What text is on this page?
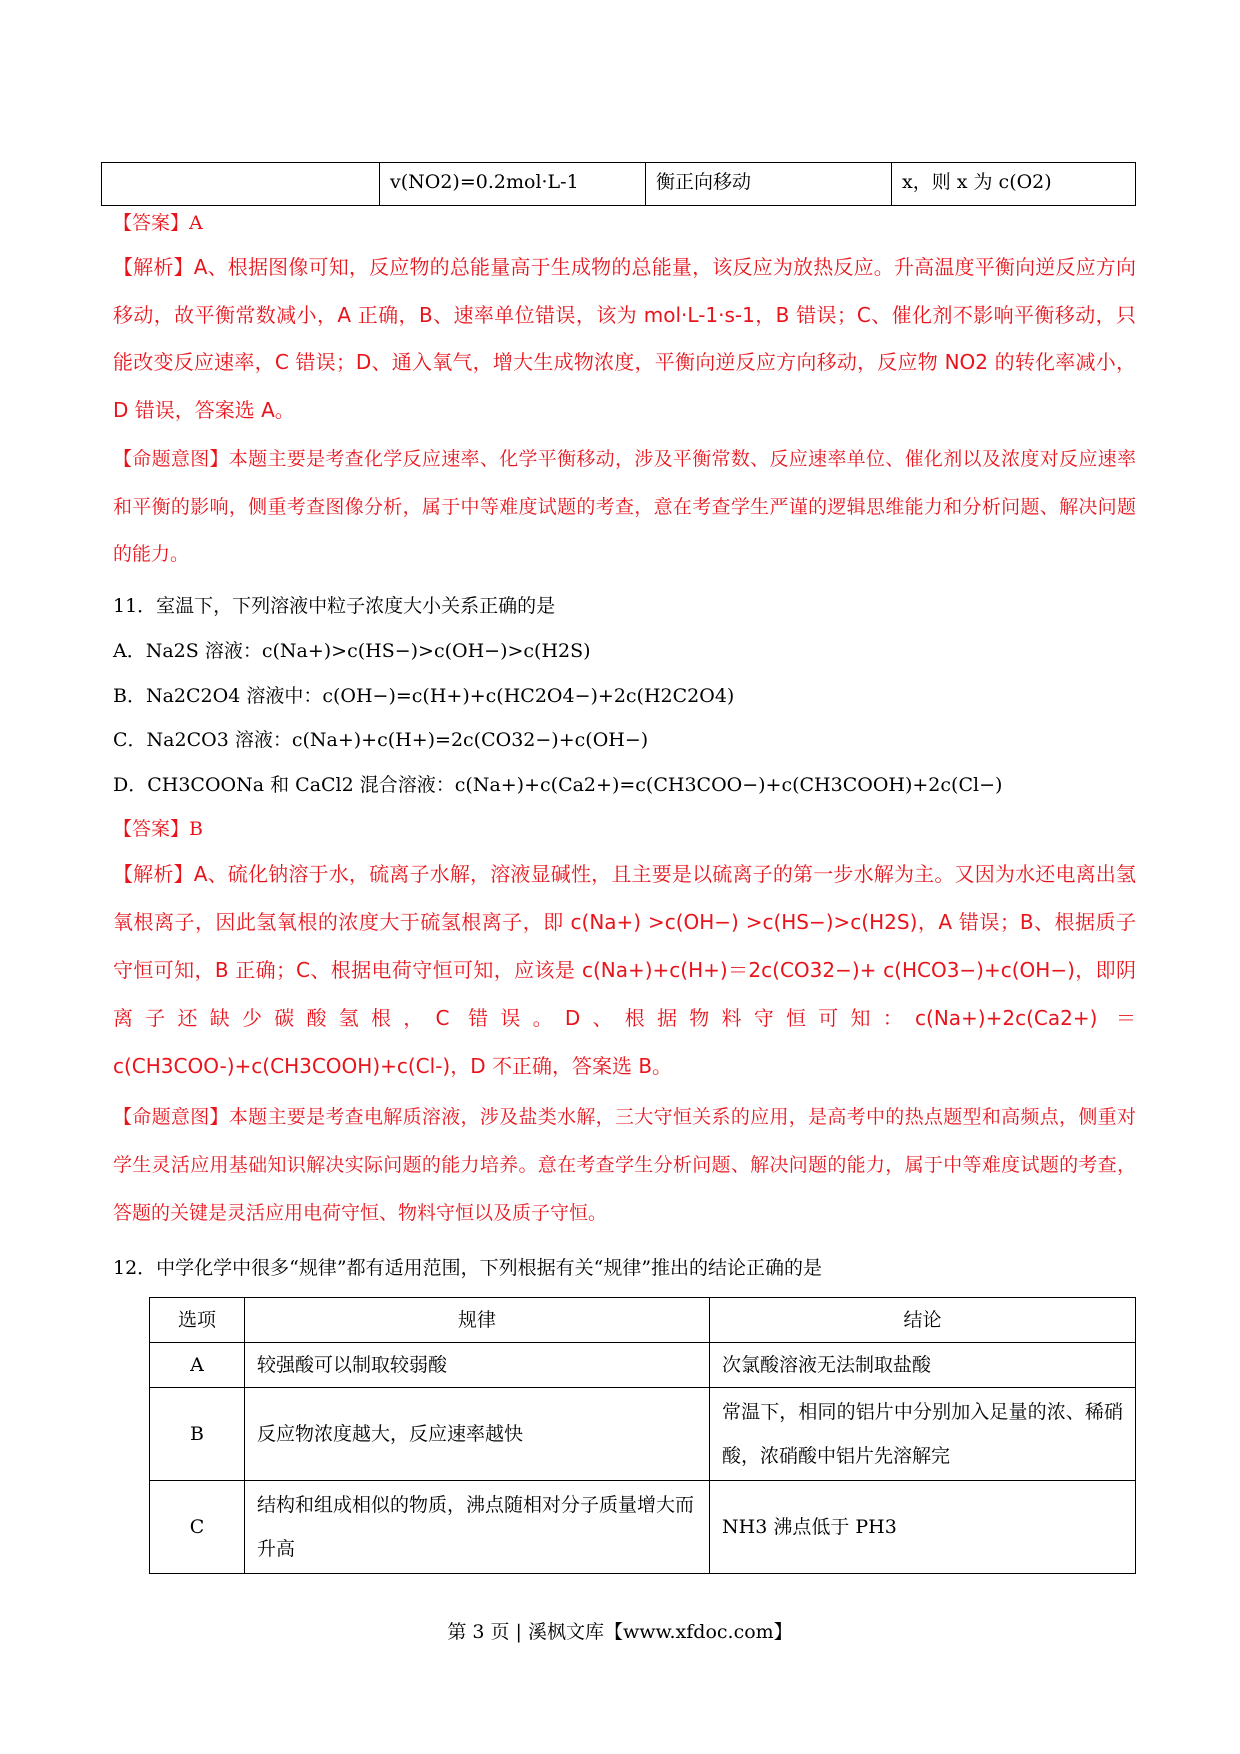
	v(NO2)=0.2mol·L-1	衡正向移动	x，则 x 为 c(O2)
【答案】A
【解析】A、根据图像可知，反应物的总能量高于生成物的总能量，该反应为放热反应。升高温度平衡向逆反应方向移动，故平衡常数减小，A 正确，B、速率单位错误，该为 mol·L-1·s-1，B 错误；C、催化剂不影响平衡移动，只能改变反应速率，C 错误；D、通入氧气，增大生成物浓度，平衡向逆反应方向移动，反应物 NO2 的转化率减小，D 错误，答案选 A。
【命题意图】本题主要是考查化学反应速率、化学平衡移动，涉及平衡常数、反应速率单位、催化剂以及浓度对反应速率和平衡的影响，侧重考查图像分析，属于中等难度试题的考查，意在考查学生严谨的逻辑思维能力和分析问题、解决问题的能力。
11．室温下，下列溶液中粒子浓度大小关系正确的是
A．Na2S 溶液：c(Na+)>c(HS−)>c(OH−)>c(H2S)
B．Na2C2O4 溶液中：c(OH−)=c(H+)+c(HC2O4−)+2c(H2C2O4)
C．Na2CO3 溶液：c(Na+)+c(H+)=2c(CO32−)+c(OH−)
D．CH3COONa 和 CaCl2 混合溶液：c(Na+)+c(Ca2+)=c(CH3COO−)+c(CH3COOH)+2c(Cl−)
【答案】B
【解析】A、硫化钠溶于水，硫离子水解，溶液显碱性，且主要是以硫离子的第一步水解为主。又因为水还电离出氢氧根离子，因此氢氧根的浓度大于硫氢根离子，即 c(Na+) >c(OH−) >c(HS−)>c(H2S)，A 错误；B、根据质子守恒可知，B 正确；C、根据电荷守恒可知，应该是 c(Na+)+c(H+)＝2c(CO32−)+ c(HCO3−)+c(OH−)，即阴离子还缺少碳酸氢根，C 错误。D、根据物料守恒可知：c(Na+)+2c(Ca2+) ＝c(CH3COO-)+c(CH3COOH)+c(Cl-)，D 不正确，答案选 B。
【命题意图】本题主要是考查电解质溶液，涉及盐类水解，三大守恒关系的应用，是高考中的热点题型和高频点，侧重对学生灵活应用基础知识解决实际问题的能力培养。意在考查学生分析问题、解决问题的能力，属于中等难度试题的考查，答题的关键是灵活应用电荷守恒、物料守恒以及质子守恒。
12．中学化学中很多“规律”都有适用范围，下列根据有关“规律”推出的结论正确的是
选项	规律	结论
A	较强酸可以制取较弱酸	次氯酸溶液无法制取盐酸
B	反应物浓度越大，反应速率越快	常温下，相同的铝片中分别加入足量的浓、稀硝酸，浓硝酸中铝片先溶解完
C	结构和组成相似的物质，沸点随相对分子质量增大而升高	NH3 沸点低于 PH3
第 3 页 | 溪枫文库【www.xfdoc.com】
